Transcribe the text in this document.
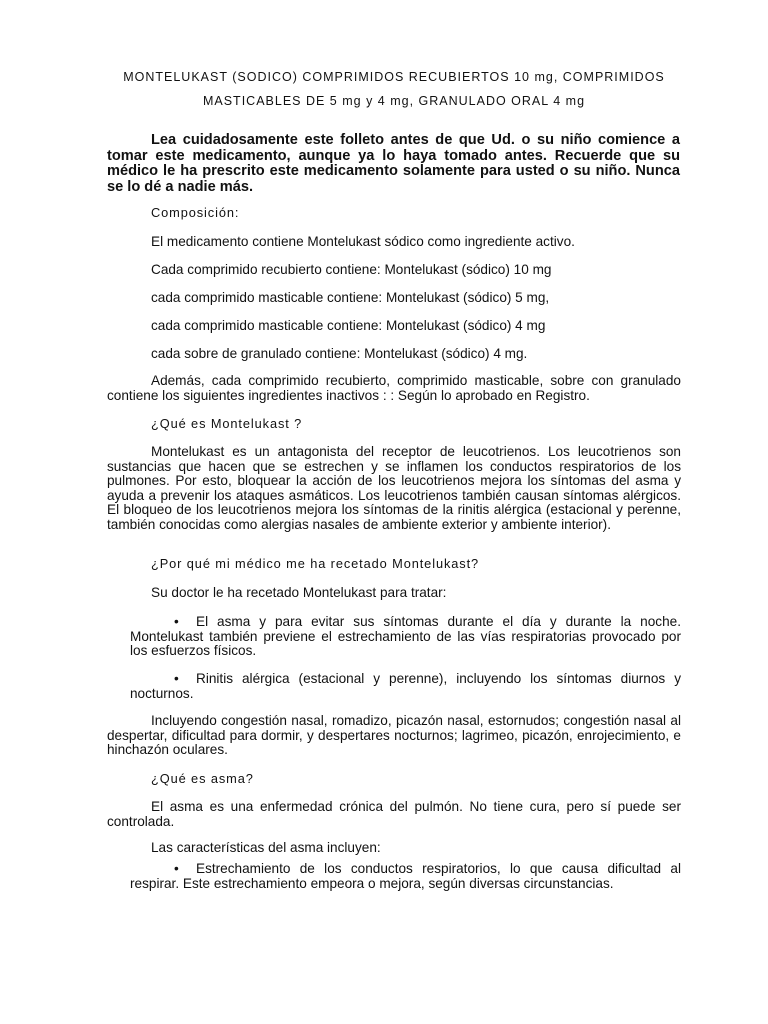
MONTELUKAST (SODICO) COMPRIMIDOS RECUBIERTOS 10 mg, COMPRIMIDOS
MASTICABLES DE 5 mg y 4 mg, GRANULADO ORAL 4 mg
Lea cuidadosamente este folleto antes de que Ud. o su niño comience a tomar este medicamento, aunque ya lo haya tomado antes. Recuerde que su médico le ha prescrito este medicamento solamente para usted o su niño. Nunca se lo dé a nadie más.
Composición:
El medicamento contiene Montelukast sódico como ingrediente activo.
Cada comprimido recubierto contiene: Montelukast (sódico) 10 mg
cada comprimido masticable contiene: Montelukast (sódico) 5 mg,
cada comprimido masticable contiene: Montelukast (sódico) 4 mg
cada sobre de granulado contiene: Montelukast (sódico) 4 mg.
Además, cada comprimido recubierto, comprimido masticable, sobre con granulado contiene los siguientes ingredientes inactivos : : Según lo aprobado en Registro.
¿Qué es Montelukast ?
Montelukast es un antagonista del receptor de leucotrienos. Los leucotrienos son sustancias que hacen que se estrechen y se inflamen los conductos respiratorios de los pulmones. Por esto, bloquear la acción de los leucotrienos mejora los síntomas del asma y ayuda a prevenir los ataques asmáticos. Los leucotrienos también causan síntomas alérgicos. El bloqueo de los leucotrienos mejora los síntomas de la rinitis alérgica (estacional y perenne, también conocidas como alergias nasales de ambiente exterior y ambiente interior).
¿Por qué mi médico me ha recetado Montelukast?
Su doctor le ha recetado Montelukast para tratar:
• El asma y para evitar sus síntomas durante el día y durante la noche. Montelukast también previene el estrechamiento de las vías respiratorias provocado por los esfuerzos físicos.
• Rinitis alérgica (estacional y perenne), incluyendo los síntomas diurnos y nocturnos.
Incluyendo congestión nasal, romadizo, picazón nasal, estornudos; congestión nasal al despertar, dificultad para dormir, y despertares nocturnos; lagrimeo, picazón, enrojecimiento, e hinchazón oculares.
¿Qué es asma?
El asma es una enfermedad crónica del pulmón. No tiene cura, pero sí puede ser controlada.
Las características del asma incluyen:
• Estrechamiento de los conductos respiratorios, lo que causa dificultad al respirar. Este estrechamiento empeora o mejora, según diversas circunstancias.
